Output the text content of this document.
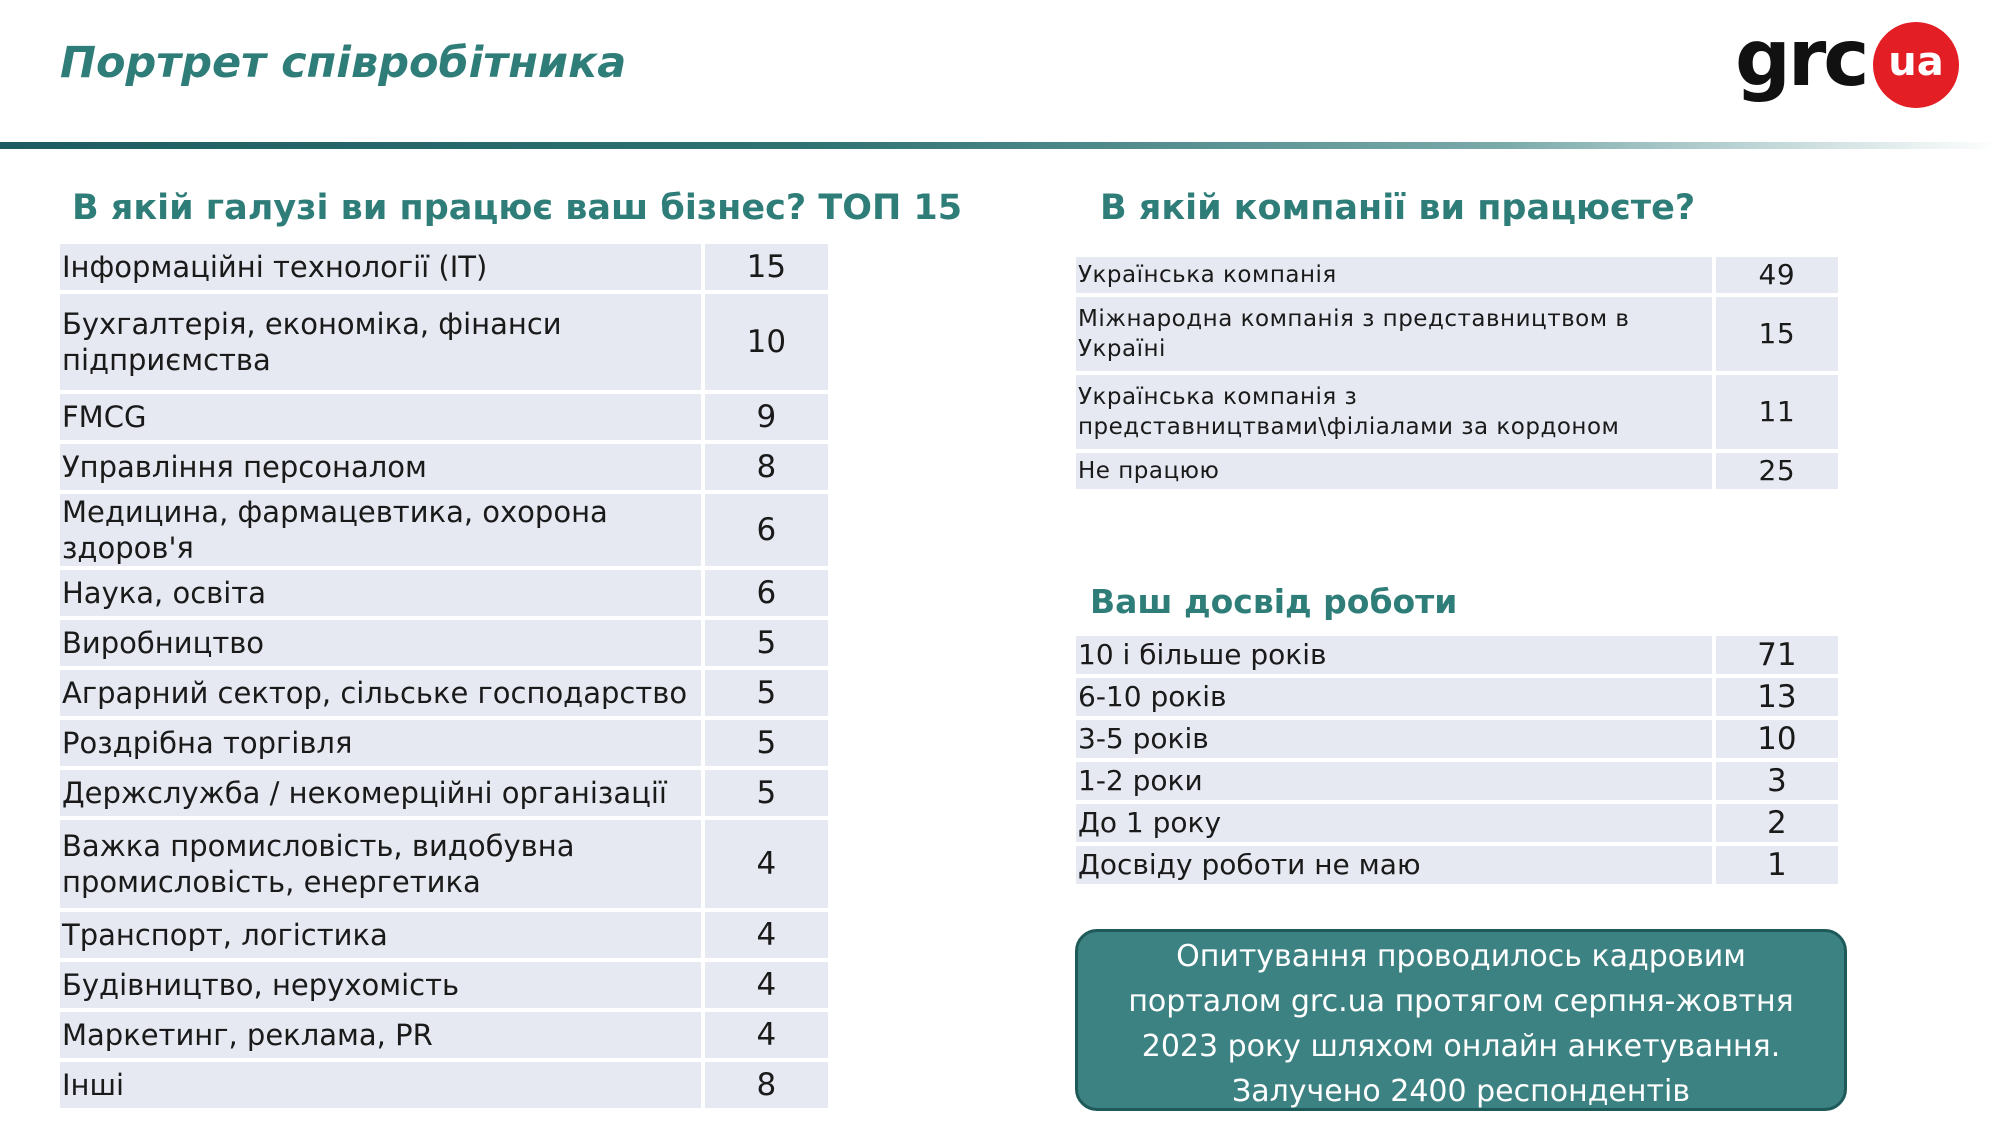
Портрет співробітника	grc ua
В якій галузі ви працює ваш бізнес? ТОП 15
Інформаційні технології (IT)	15
Бухгалтерія, економіка, фінанси підприємства	10
FMCG	9
Управління персоналом	8
Медицина, фармацевтика, охорона здоров'я	6
Наука, освіта	6
Виробництво	5
Аграрний сектор, сільське господарство	5
Роздрібна торгівля	5
Держслужба / некомерційні організації	5
Важка промисловість, видобувна промисловість, енергетика	4
Транспорт, логістика	4
Будівництво, нерухомість	4
Маркетинг, реклама, PR	4
Інші	8
В якій компанії ви працюєте?
Українська компанія	49
Міжнародна компанія з представництвом в Україні	15
Українська компанія з представництвами\філіалами за кордоном	11
Не працюю	25
Ваш досвід роботи
10 і більше років	71
6-10 років	13
3-5 років	10
1-2 роки	3
До 1 року	2
Досвіду роботи не маю	1
Опитування проводилось кадровим
порталом grc.ua протягом серпня-жовтня
2023 року шляхом онлайн анкетування.
Залучено 2400 респондентів
